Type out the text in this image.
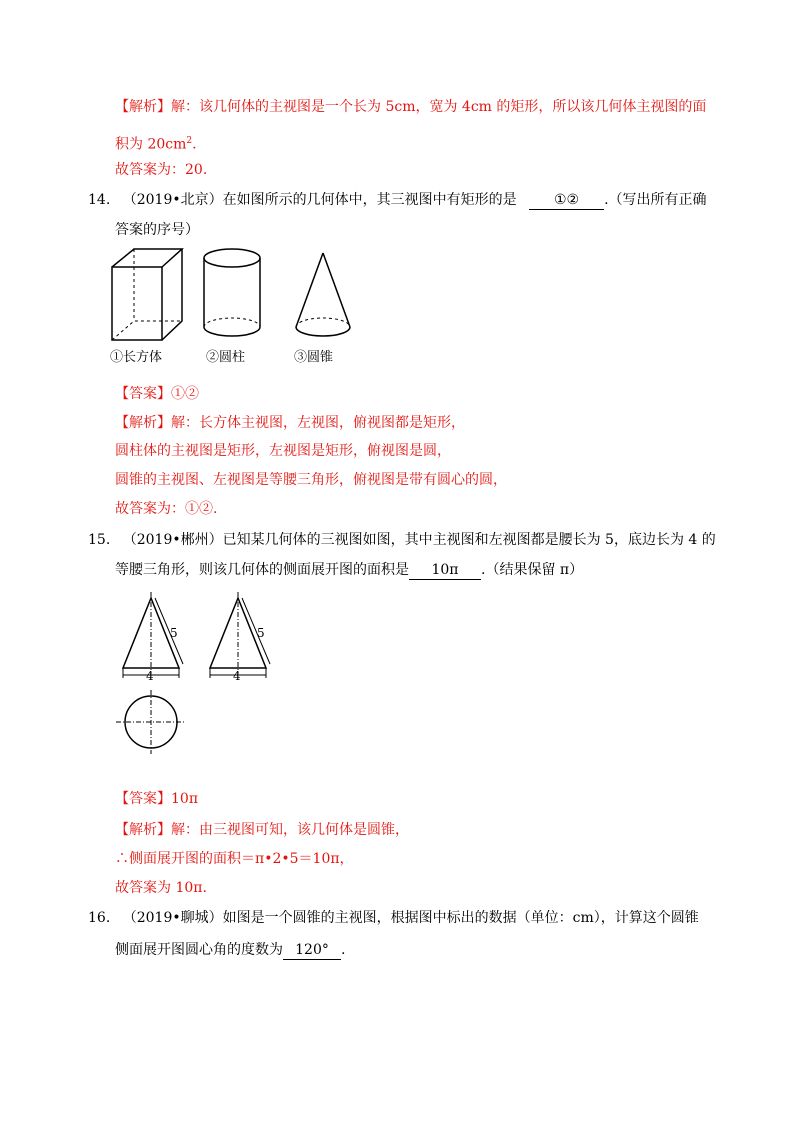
【解析】解：该几何体的主视图是一个长为 5cm，宽为 4cm 的矩形，所以该几何体主视图的面
积为 $20cm^2$.
故答案为：20.
14. （2019•北京）在如图所示的几何体中，其三视图中有矩形的是	①② .（写出所有正确
答案的序号）
①长方体	②圆柱	③圆锥
【答案】①②
【解析】解：长方体主视图，左视图，俯视图都是矩形，
圆柱体的主视图是矩形，左视图是矩形，俯视图是圆，
圆锥的主视图、左视图是等腰三角形，俯视图是带有圆心的圆，
故答案为：①②.
15. （2019•郴州）已知某几何体的三视图如图，其中主视图和左视图都是腰长为 5，底边长为 4 的
等腰三角形，则该几何体的侧面展开图的面积是 10π .（结果保留 π）
5
4
5
4
【答案】10π
【解析】解：由三视图可知，该几何体是圆锥，
∴侧面展开图的面积＝π•2•5＝10π，
故答案为 10π.
16. （2019•聊城）如图是一个圆锥的主视图，根据图中标出的数据（单位：cm），计算这个圆锥
侧面展开图圆心角的度数为 120° .
